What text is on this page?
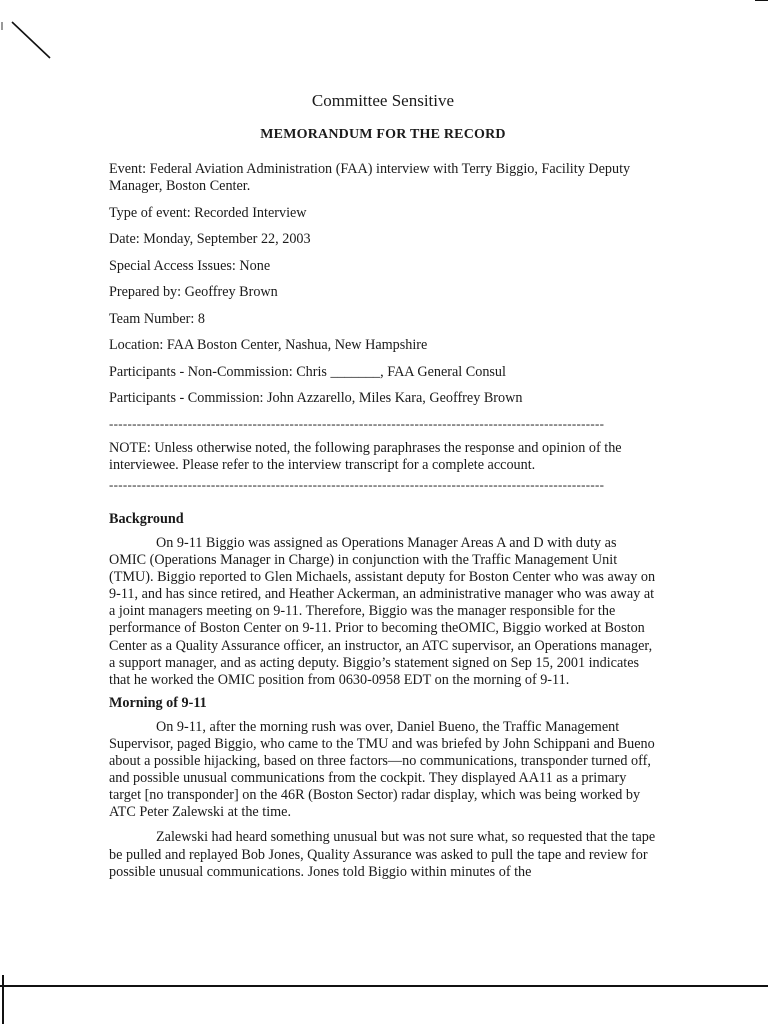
Committee Sensitive
MEMORANDUM FOR THE RECORD
Event: Federal Aviation Administration (FAA) interview with Terry Biggio, Facility Deputy Manager, Boston Center.
Type of event: Recorded Interview
Date: Monday, September 22, 2003
Special Access Issues: None
Prepared by: Geoffrey Brown
Team Number: 8
Location: FAA Boston Center, Nashua, New Hampshire
Participants - Non-Commission: Chris _______, FAA General Consul
Participants - Commission: John Azzarello, Miles Kara, Geoffrey Brown
-----------------------------------------------------------------------------------------------------------
NOTE: Unless otherwise noted, the following paraphrases the response and opinion of the interviewee. Please refer to the interview transcript for a complete account.
-----------------------------------------------------------------------------------------------------------
Background

On 9-11 Biggio was assigned as Operations Manager Areas A and D with duty as OMIC (Operations Manager in Charge) in conjunction with the Traffic Management Unit (TMU). Biggio reported to Glen Michaels, assistant deputy for Boston Center who was away on 9-11, and has since retired, and Heather Ackerman, an administrative manager who was away at a joint managers meeting on 9-11. Therefore, Biggio was the manager responsible for the performance of Boston Center on 9-11. Prior to becoming theOMIC, Biggio worked at Boston Center as a Quality Assurance officer, an instructor, an ATC supervisor, an Operations manager, a support manager, and as acting deputy. Biggio’s statement signed on Sep 15, 2001 indicates that he worked the OMIC position from 0630-0958 EDT on the morning of 9-11.

Morning of 9-11

On 9-11, after the morning rush was over, Daniel Bueno, the Traffic Management Supervisor, paged Biggio, who came to the TMU and was briefed by John Schippani and Bueno about a possible hijacking, based on three factors—no communications, transponder turned off, and possible unusual communications from the cockpit. They displayed AA11 as a primary target [no transponder] on the 46R (Boston Sector) radar display, which was being worked by ATC Peter Zalewski at the time.

Zalewski had heard something unusual but was not sure what, so requested that the tape be pulled and replayed Bob Jones, Quality Assurance was asked to pull the tape and review for possible unusual communications. Jones told Biggio within minutes of the
